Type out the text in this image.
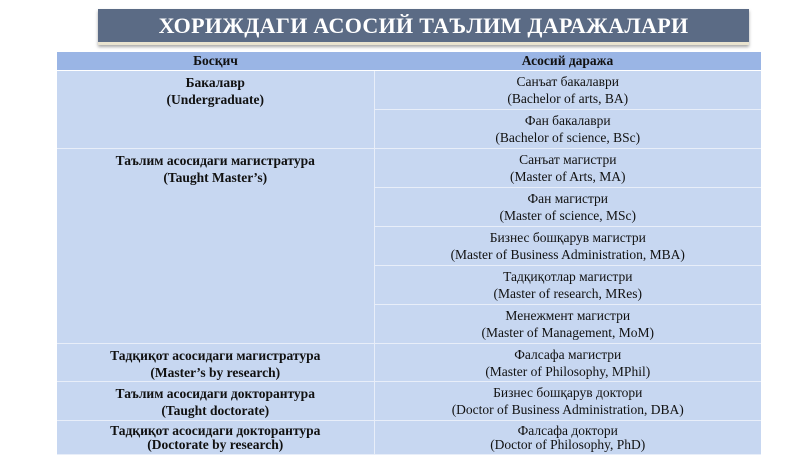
ХОРИЖДАГИ АСОСИЙ ТАЪЛИМ ДАРАЖАЛАРИ
Босқич	Асосий даража

Бакалавр
(Undergraduate)	Санъат бакалаври
(Bachelor of arts, BA)

	Фан бакалаври
(Bachelor of science, BSc)

Таълим асосидаги магистратура
(Taught Master’s)	Санъат магистри
(Master of Arts, MA)

	Фан магистри
(Master of science, MSc)

	Бизнес бошқарув магистри
(Master of Business Administration, MBA)

	Тадқиқотлар магистри
(Master of research, MRes)

	Менежмент магистри
(Master of Management, MoM)

Тадқиқот асосидаги магистратура
(Master’s by research)	Фалсафа магистри
(Master of Philosophy, MPhil)

Таълим асосидаги докторантура
(Taught doctorate)	Бизнес бошқарув доктори
(Doctor of Business Administration, DBA)

Тадқиқот асосидаги докторантура
(Doctorate by research)	Фалсафа доктори
(Doctor of Philosophy, PhD)
